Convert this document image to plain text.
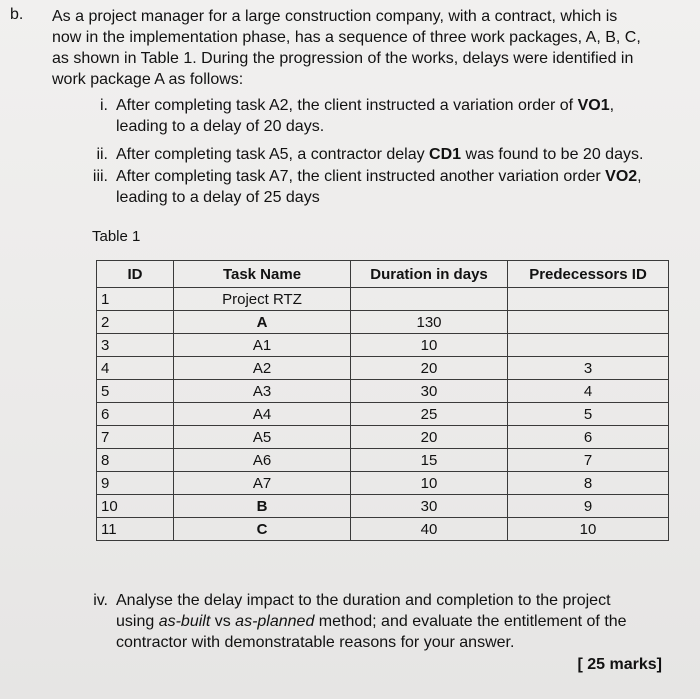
b. As a project manager for a large construction company, with a contract, which is
now in the implementation phase, has a sequence of three work packages, A, B, C,
as shown in Table 1. During the progression of the works, delays were identified in
work package A as follows:
i. After completing task A2, the client instructed a variation order of VO1,
leading to a delay of 20 days.
ii. After completing task A5, a contractor delay CD1 was found to be 20 days.
iii. After completing task A7, the client instructed another variation order VO2,
leading to a delay of 25 days
Table 1
ID	Task Name	Duration in days	Predecessors ID
1	Project RTZ		
2	A	130	
3	A1	10	
4	A2	20	3
5	A3	30	4
6	A4	25	5
7	A5	20	6
8	A6	15	7
9	A7	10	8
10	B	30	9
11	C	40	10
iv. Analyse the delay impact to the duration and completion to the project
using as-built vs as-planned method; and evaluate the entitlement of the
contractor with demonstratable reasons for your answer.
[ 25 marks]
